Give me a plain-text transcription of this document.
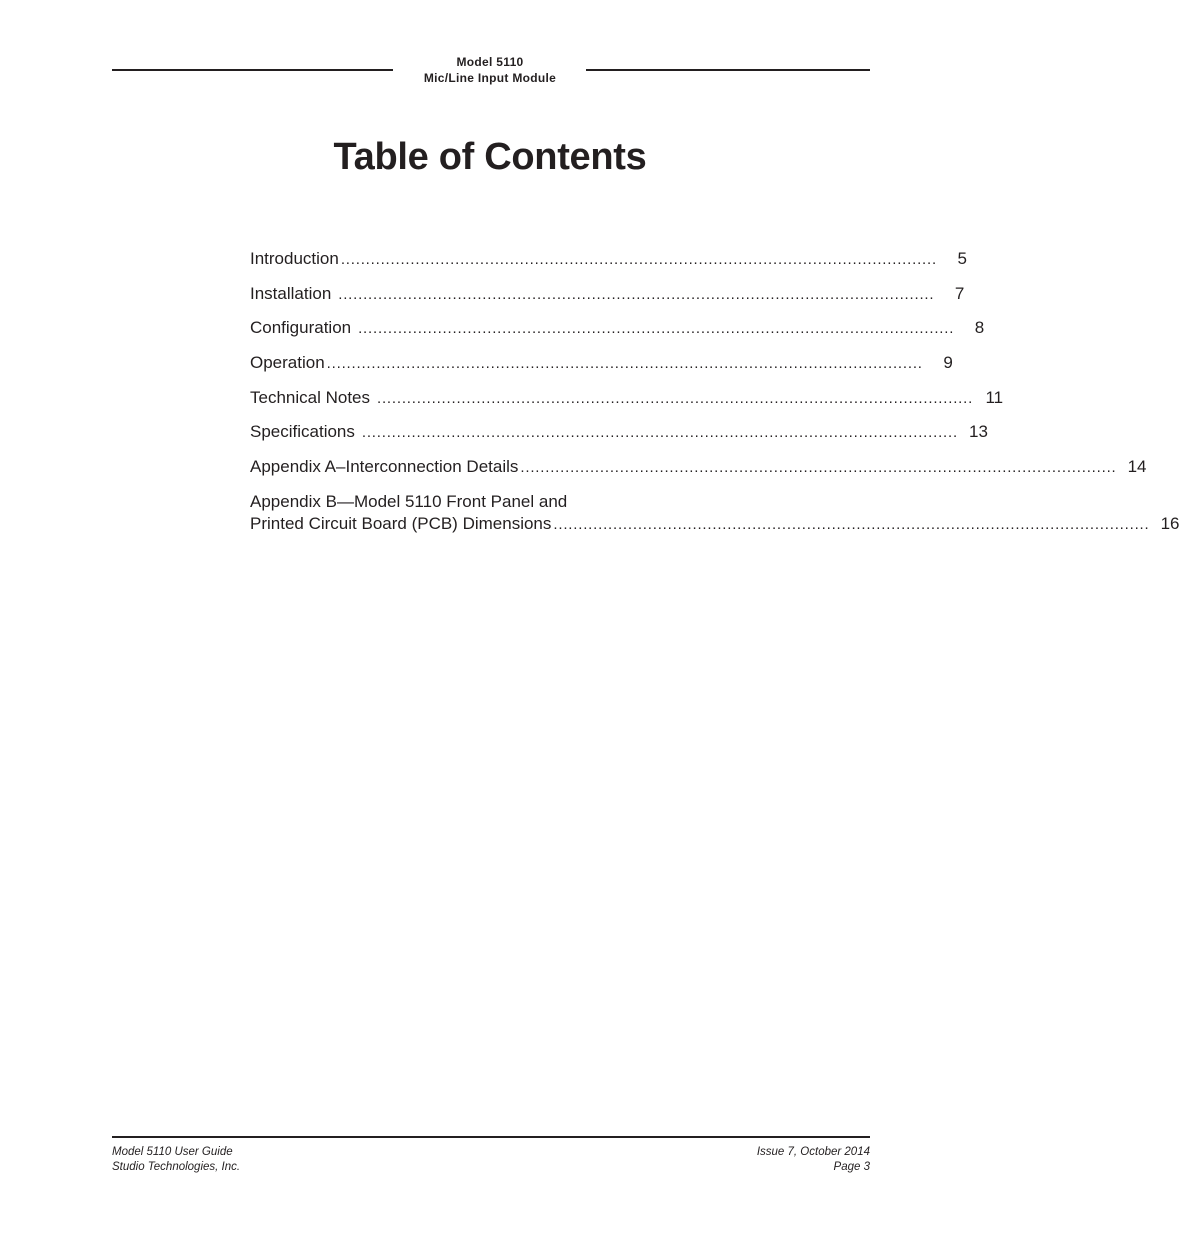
Model 5110
Mic/Line Input Module
Table of Contents
Introduction ........................................................................................................................	5
Installation ........................................................................................................................	7
Configuration ........................................................................................................................	8
Operation ........................................................................................................................	9
Technical Notes ........................................................................................................................ 11
Specifications ........................................................................................................................ 13
Appendix A–Interconnection Details ........................................................................................................................ 14
Appendix B—Model 5110 Front Panel and
Printed Circuit Board (PCB) Dimensions ........................................................................................................................ 16
Model 5110 User Guide
Studio Technologies, Inc.
Issue 7, October 2014
Page 3
